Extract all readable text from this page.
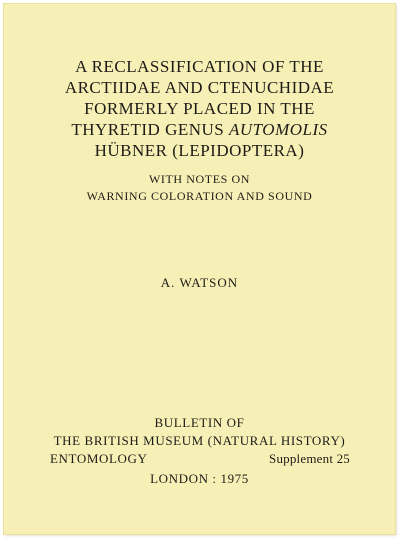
A RECLASSIFICATION OF THE
ARCTIIDAE AND CTENUCHIDAE
FORMERLY PLACED IN THE
THYRETID GENUS AUTOMOLIS
HÜBNER (LEPIDOPTERA)
WITH NOTES ON
WARNING COLORATION AND SOUND
A. WATSON
BULLETIN OF
THE BRITISH MUSEUM (NATURAL HISTORY)
ENTOMOLOGY	Supplement 25
LONDON : 1975
